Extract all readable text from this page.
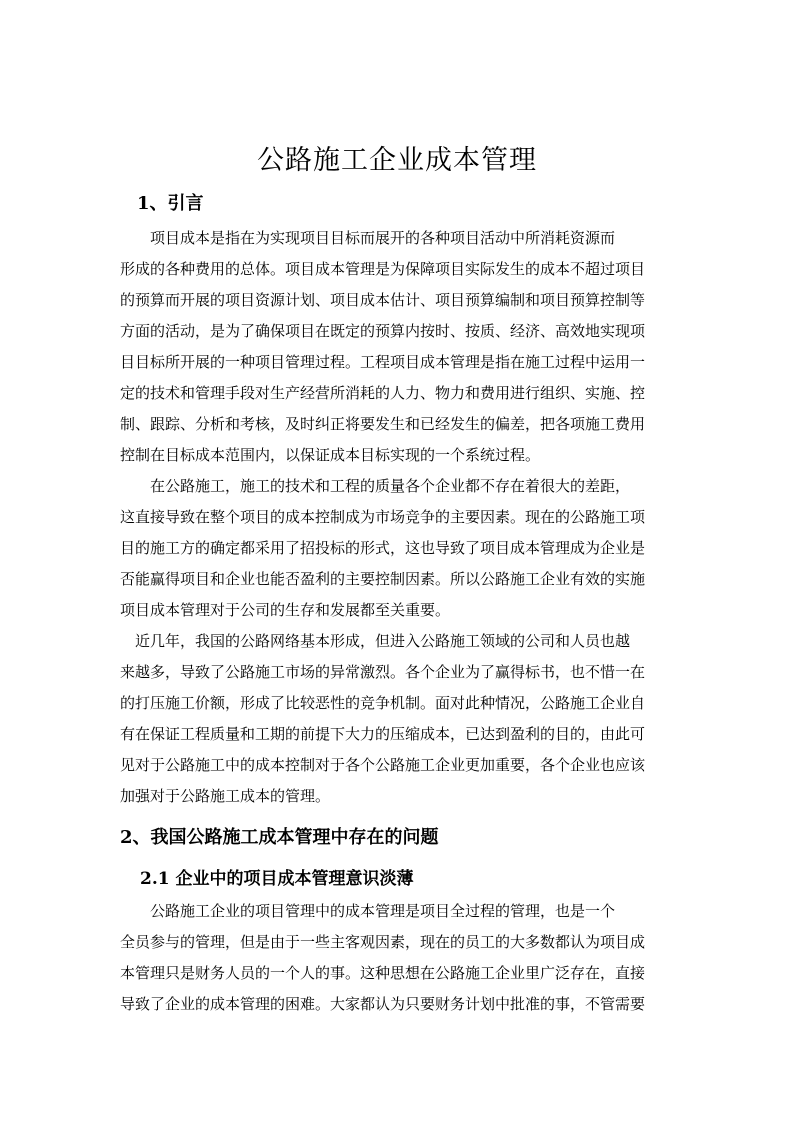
公路施工企业成本管理
1、引言
　　项目成本是指在为实现项目目标而展开的各种项目活动中所消耗资源而
形成的各种费用的总体。项目成本管理是为保障项目实际发生的成本不超过项目
的预算而开展的项目资源计划、项目成本估计、项目预算编制和项目预算控制等
方面的活动，是为了确保项目在既定的预算内按时、按质、经济、高效地实现项
目目标所开展的一种项目管理过程。工程项目成本管理是指在施工过程中运用一
定的技术和管理手段对生产经营所消耗的人力、物力和费用进行组织、实施、控
制、跟踪、分析和考核，及时纠正将要发生和已经发生的偏差，把各项施工费用
控制在目标成本范围内，以保证成本目标实现的一个系统过程。
　　在公路施工，施工的技术和工程的质量各个企业都不存在着很大的差距，
这直接导致在整个项目的成本控制成为市场竞争的主要因素。现在的公路施工项
目的施工方的确定都采用了招投标的形式，这也导致了项目成本管理成为企业是
否能赢得项目和企业也能否盈利的主要控制因素。所以公路施工企业有效的实施
项目成本管理对于公司的生存和发展都至关重要。
　近几年，我国的公路网络基本形成，但进入公路施工领域的公司和人员也越
来越多，导致了公路施工市场的异常激烈。各个企业为了赢得标书，也不惜一在
的打压施工价额，形成了比较恶性的竞争机制。面对此种情况，公路施工企业自
有在保证工程质量和工期的前提下大力的压缩成本，已达到盈利的目的，由此可
见对于公路施工中的成本控制对于各个公路施工企业更加重要，各个企业也应该
加强对于公路施工成本的管理。
2、我国公路施工成本管理中存在的问题
2.1 企业中的项目成本管理意识淡薄
　　公路施工企业的项目管理中的成本管理是项目全过程的管理，也是一个
全员参与的管理，但是由于一些主客观因素，现在的员工的大多数都认为项目成
本管理只是财务人员的一个人的事。这种思想在公路施工企业里广泛存在，直接
导致了企业的成本管理的困难。大家都认为只要财务计划中批准的事，不管需要
